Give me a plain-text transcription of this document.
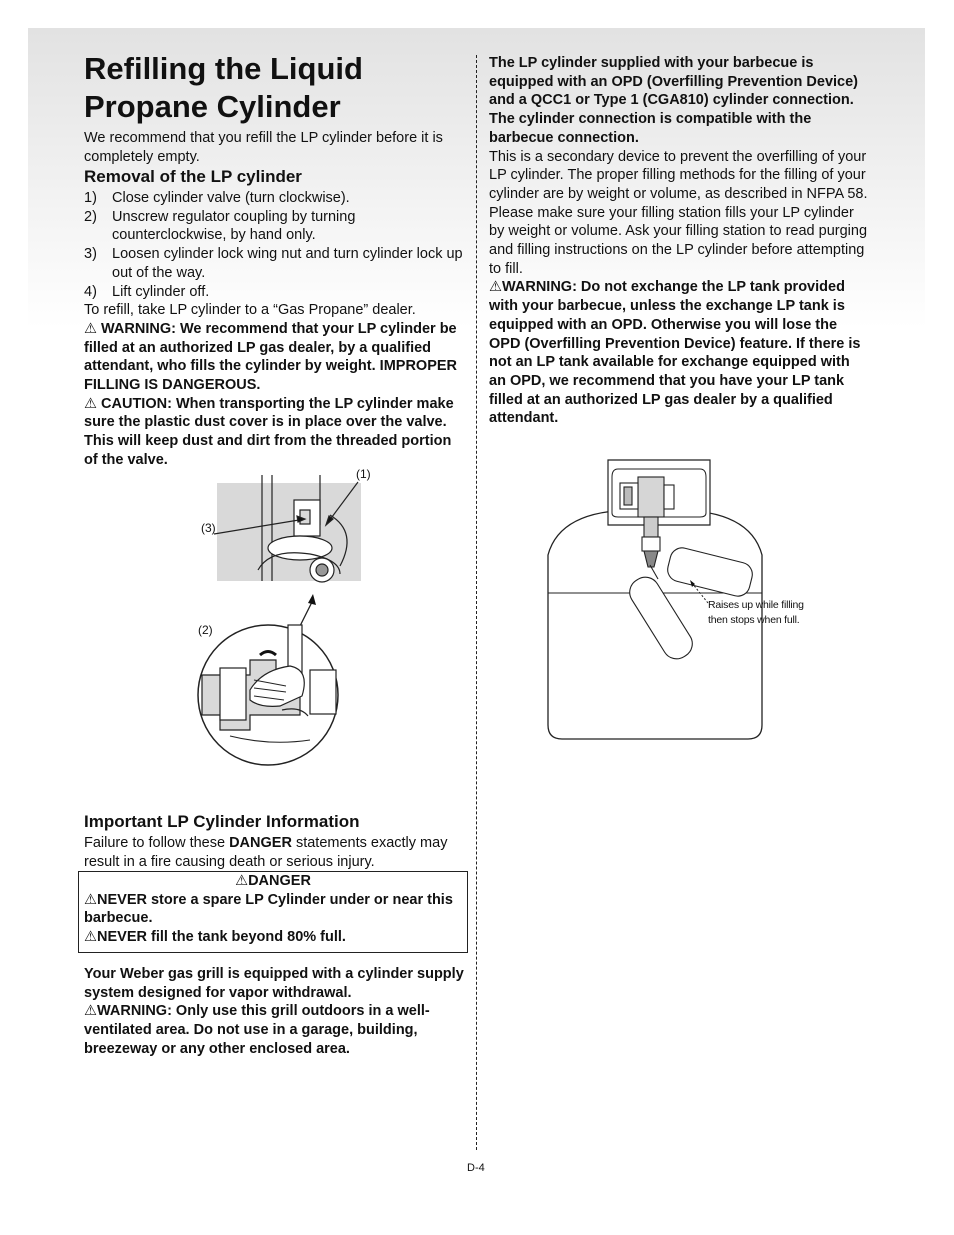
Refilling the Liquid
Propane Cylinder
We recommend that you refill the LP cylinder before it is completely empty.
Removal of the LP cylinder
1) Close cylinder valve (turn clockwise).
2) Unscrew regulator coupling by turning counterclockwise, by hand only.
3) Loosen cylinder lock wing nut and turn cylinder lock up out of the way.
4) Lift cylinder off.

To refill, take LP cylinder to a “Gas Propane” dealer.

⚠ WARNING: We recommend that your LP cylinder be filled at an authorized LP gas dealer, by a qualified attendant, who fills the cylinder by weight. IMPROPER FILLING IS DANGEROUS.

⚠ CAUTION: When transporting the LP cylinder make sure the plastic dust cover is in place over the valve. This will keep dust and dirt from the threaded portion of the valve.

(1)
(3)
(2)
Important LP Cylinder Information

Failure to follow these DANGER statements exactly may result in a fire causing death or serious injury.

⚠DANGER

⚠NEVER store a spare LP Cylinder under or near this barbecue.

⚠NEVER fill the tank beyond 80% full.

Your Weber gas grill is equipped with a cylinder supply system designed for vapor withdrawal.

⚠WARNING: Only use this grill outdoors in a well-ventilated area. Do not use in a garage, building, breezeway or any other enclosed area.

The LP cylinder supplied with your barbecue is equipped with an OPD (Overfilling Prevention Device) and a QCC1 or Type 1 (CGA810) cylinder connection. The cylinder connection is compatible with the barbecue connection.

This is a secondary device to prevent the overfilling of your LP cylinder. The proper filling methods for the filling of your cylinder are by weight or volume, as described in NFPA 58. Please make sure your filling station fills your LP cylinder by weight or volume. Ask your filling station to read purging and filling instructions on the LP cylinder before attempting to fill.

⚠WARNING: Do not exchange the LP tank provided with your barbecue, unless the exchange LP tank is equipped with an OPD. Otherwise you will lose the OPD (Overfilling Prevention Device) feature. If there is not an LP tank available for exchange equipped with an OPD, we recommend that you have your LP tank filled at an authorized LP gas dealer by a qualified attendant.

Raises up while filling
then stops when full.
D-4
